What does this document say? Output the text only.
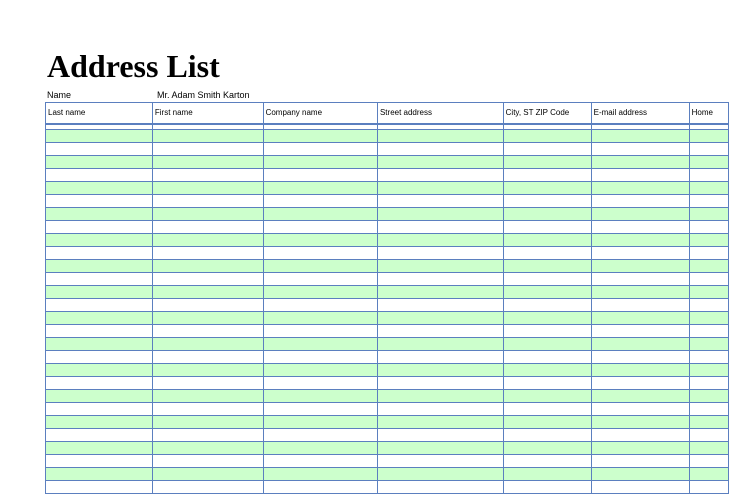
Address List
Name	Mr. Adam Smith Karton
Last name	First name	Company name	Street address	City, ST ZIP Code	E-mail address	Home
